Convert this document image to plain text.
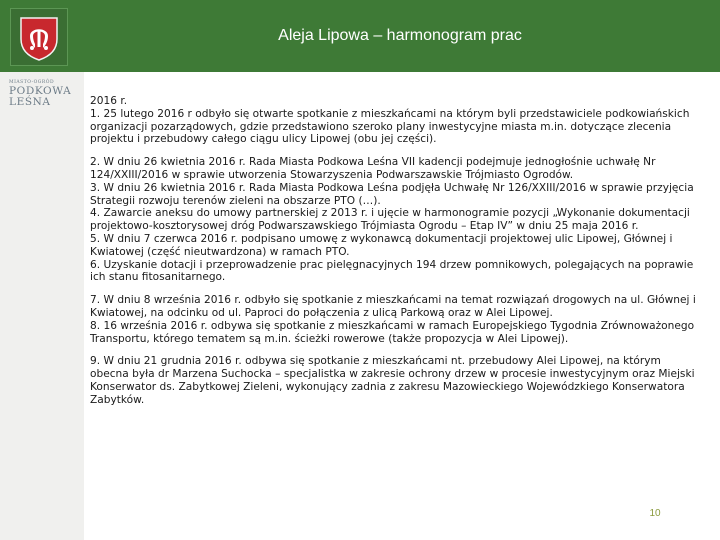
Aleja Lipowa – harmonogram prac
MIASTO-OGRÓD
PODKOWA
LEŚNA	2016 r.
1. 25 lutego 2016 r odbyło się otwarte spotkanie z mieszkańcami na którym byli przedstawiciele podkowiańskich organizacji pozarządowych, gdzie przedstawiono szeroko plany inwestycyjne miasta m.in. dotyczące zlecenia projektu i przebudowy całego ciągu ulicy Lipowej (obu jej części).

2. W dniu 26 kwietnia 2016 r. Rada Miasta Podkowa Leśna VII kadencji podejmuje jednogłośnie uchwałę Nr 124/XXIII/2016 w sprawie utworzenia Stowarzyszenia Podwarszawskie Trójmiasto Ogrodów.
3. W dniu 26 kwietnia 2016 r. Rada Miasta Podkowa Leśna podjęła Uchwałę Nr 126/XXIII/2016 w sprawie przyjęcia Strategii rozwoju terenów zieleni na obszarze PTO (…).
4. Zawarcie aneksu do umowy partnerskiej z 2013 r. i ujęcie w harmonogramie pozycji „Wykonanie dokumentacji projektowo-kosztorysowej dróg Podwarszawskiego Trójmiasta Ogrodu – Etap IV” w dniu 25 maja 2016 r.
5. W dniu 7 czerwca 2016 r. podpisano umowę z wykonawcą dokumentacji projektowej ulic Lipowej, Głównej i Kwiatowej (część nieutwardzona) w ramach PTO.
6. Uzyskanie dotacji i przeprowadzenie prac pielęgnacyjnych 194 drzew pomnikowych, polegających na poprawie ich stanu fitosanitarnego.

7. W dniu 8 września 2016 r. odbyło się spotkanie z mieszkańcami na temat rozwiązań drogowych na ul. Głównej i Kwiatowej, na odcinku od ul. Paproci do połączenia z ulicą Parkową oraz w Alei Lipowej.
8. 16 września 2016 r. odbywa się spotkanie z mieszkańcami w ramach Europejskiego Tygodnia Zrównoważonego Transportu, którego tematem są m.in. ścieżki rowerowe (także propozycja w Alei Lipowej).

9. W dniu 21 grudnia 2016 r. odbywa się spotkanie z mieszkańcami nt. przebudowy Alei Lipowej, na którym obecna była dr Marzena Suchocka – specjalistka w zakresie ochrony drzew w procesie inwestycyjnym oraz Miejski Konserwator ds. Zabytkowej Zieleni, wykonujący zadnia z zakresu Mazowieckiego Wojewódzkiego Konserwatora Zabytków.

10
